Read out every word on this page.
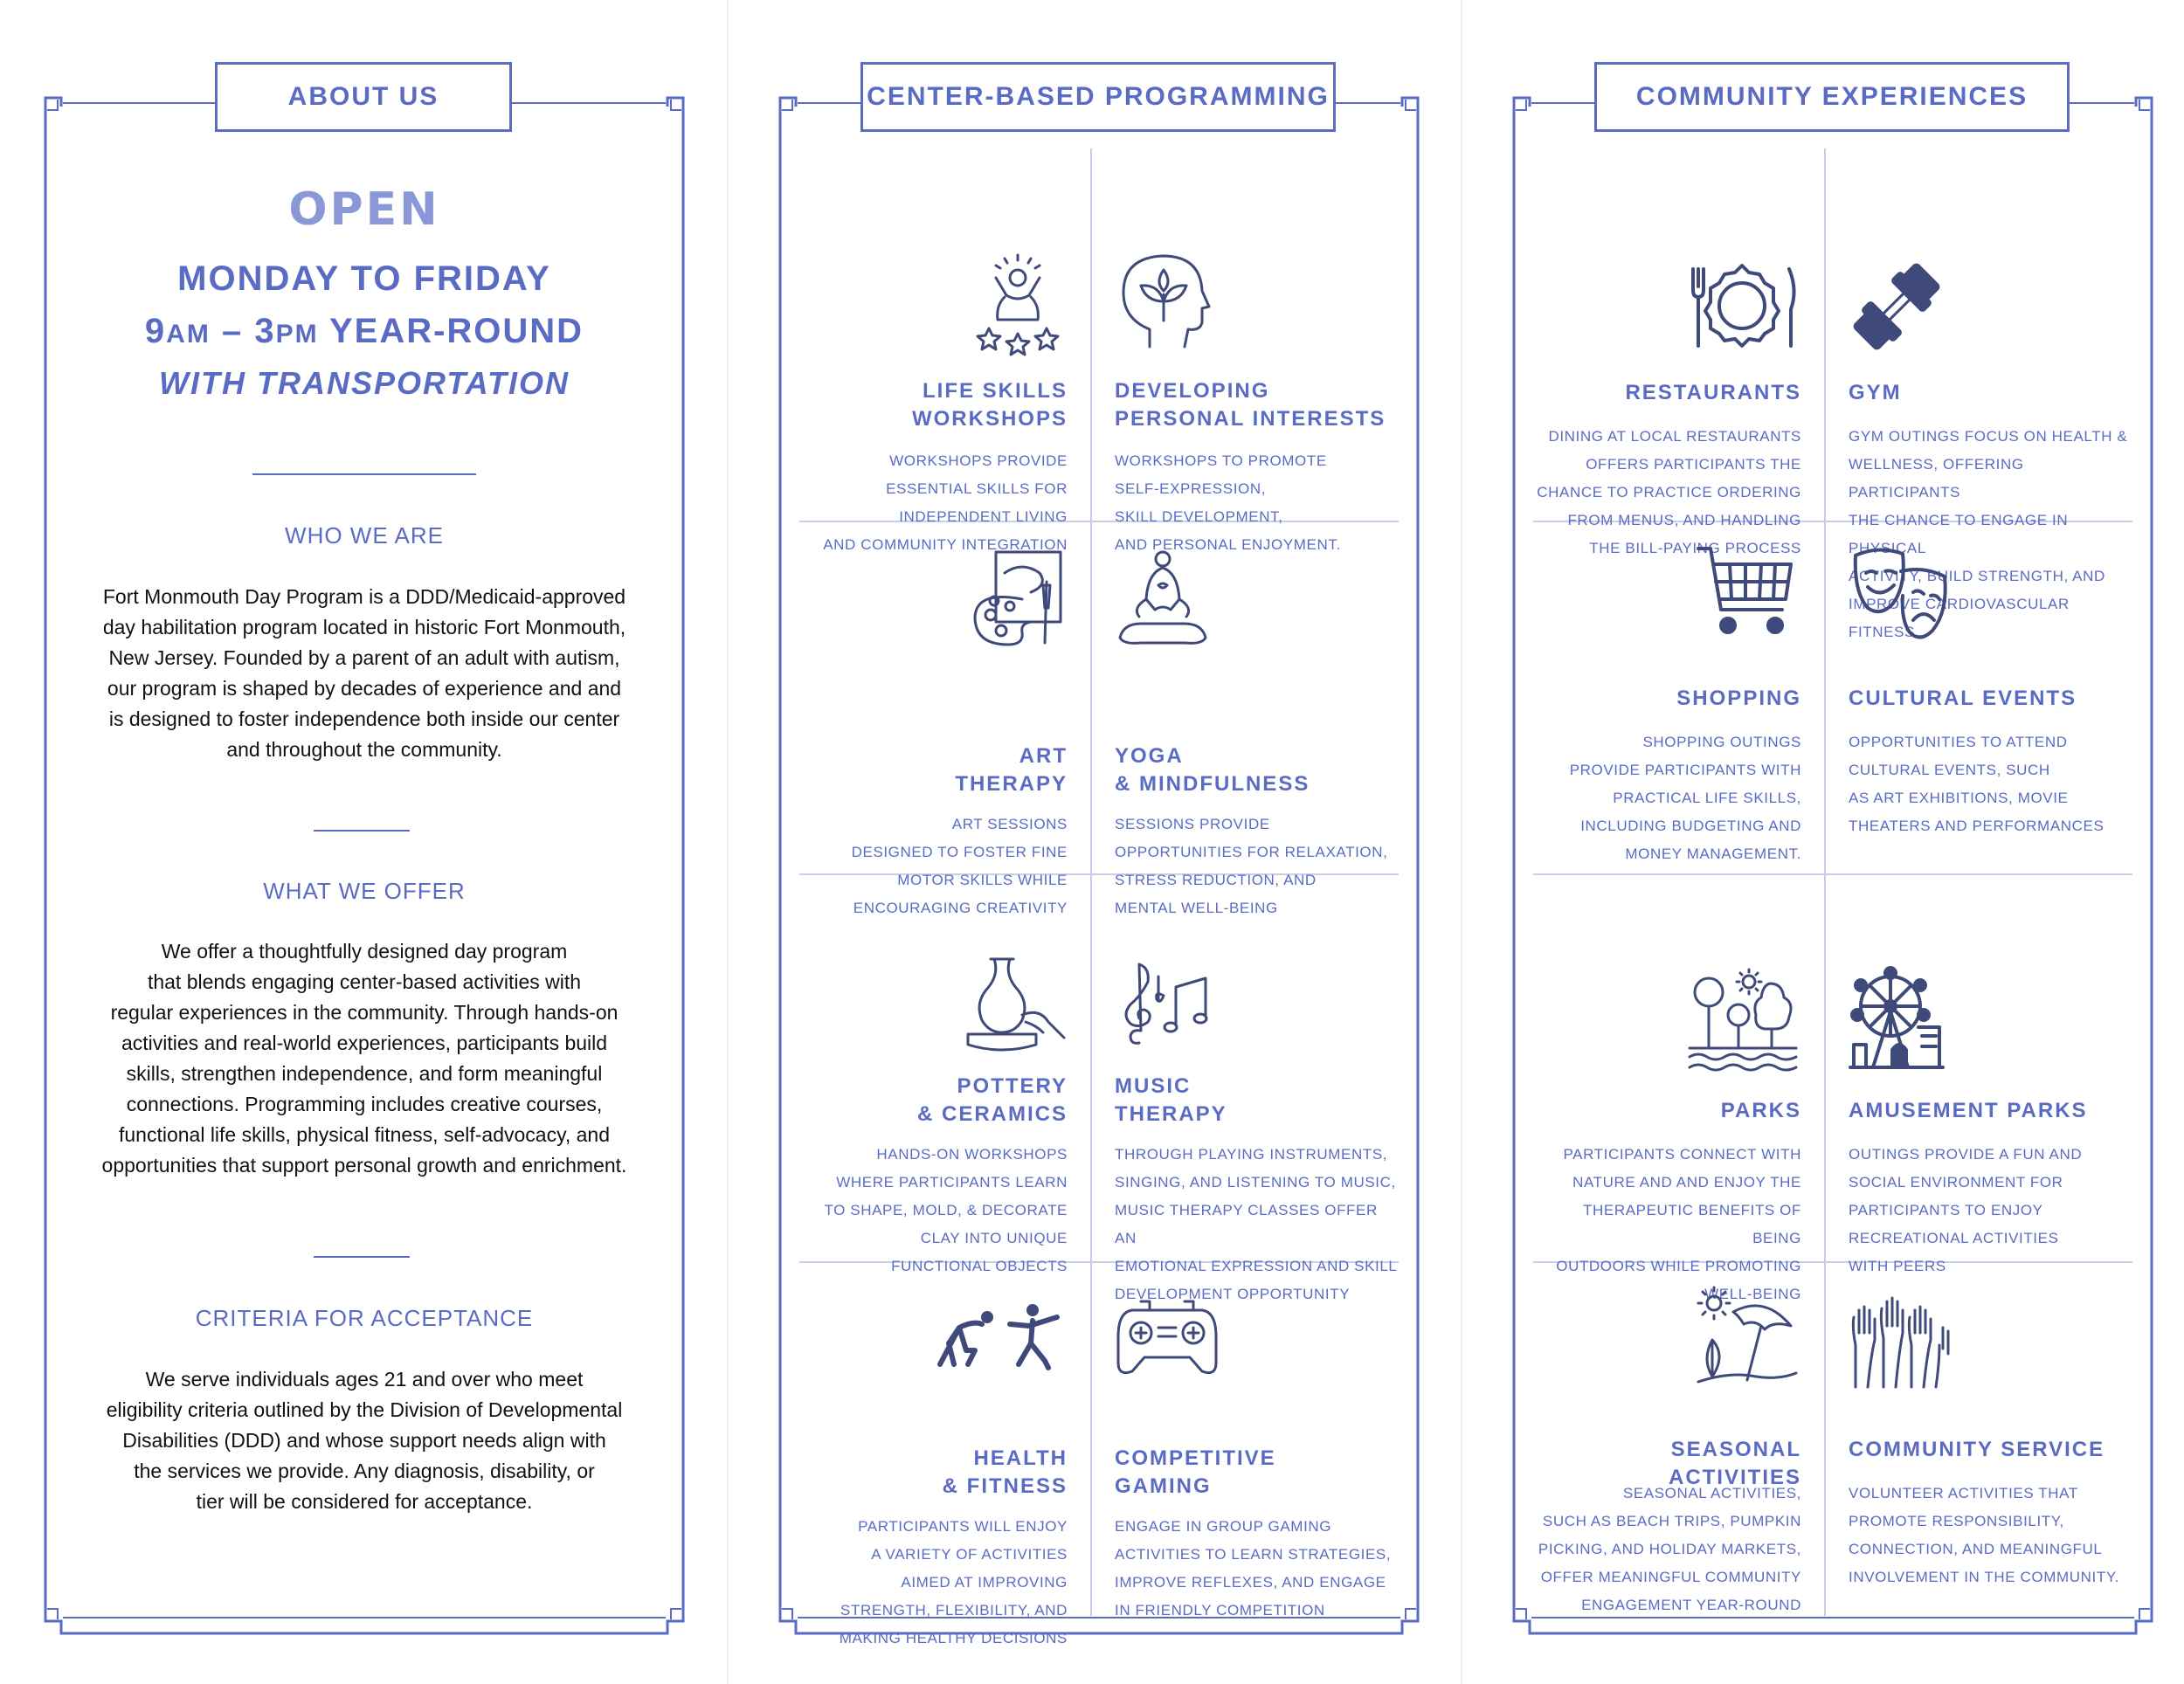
ABOUT US
OPEN
MONDAY TO FRIDAY
9AM – 3PM YEAR-ROUND
WITH TRANSPORTATION
WHO WE ARE
Fort Monmouth Day Program is a DDD/Medicaid-approved
day habilitation program located in historic Fort Monmouth,
New Jersey. Founded by a parent of an adult with autism,
our program is shaped by decades of experience and and
is designed to foster independence both inside our center
and throughout the community.
WHAT WE OFFER
We offer a thoughtfully designed day program
that blends engaging center-based activities with
regular experiences in the community. Through hands-on
activities and real-world experiences, participants build
skills, strengthen independence, and form meaningful
connections. Programming includes creative courses,
functional life skills, physical fitness, self-advocacy, and
opportunities that support personal growth and enrichment.
CRITERIA FOR ACCEPTANCE
We serve individuals ages 21 and over who meet
eligibility criteria outlined by the Division of Developmental
Disabilities (DDD) and whose support needs align with
the services we provide. Any diagnosis, disability, or
tier will be considered for acceptance.
CENTER-BASED PROGRAMMING
LIFE SKILLS
WORKSHOPS
WORKSHOPS PROVIDE
ESSENTIAL SKILLS FOR
INDEPENDENT LIVING
AND COMMUNITY INTEGRATION
DEVELOPING
PERSONAL INTERESTS
WORKSHOPS TO PROMOTE
SELF-EXPRESSION,
SKILL DEVELOPMENT,
AND PERSONAL ENJOYMENT.
ART
THERAPY
ART SESSIONS
DESIGNED TO FOSTER FINE
MOTOR SKILLS WHILE
ENCOURAGING CREATIVITY
YOGA
& MINDFULNESS
SESSIONS PROVIDE
OPPORTUNITIES FOR RELAXATION,
STRESS REDUCTION, AND
MENTAL WELL-BEING
POTTERY
& CERAMICS
HANDS-ON WORKSHOPS
WHERE PARTICIPANTS LEARN
TO SHAPE, MOLD, & DECORATE
CLAY INTO UNIQUE
FUNCTIONAL OBJECTS
MUSIC
THERAPY
THROUGH PLAYING INSTRUMENTS,
SINGING, AND LISTENING TO MUSIC,
MUSIC THERAPY CLASSES OFFER AN
EMOTIONAL EXPRESSION AND SKILL
DEVELOPMENT OPPORTUNITY
HEALTH
& FITNESS
PARTICIPANTS WILL ENJOY
A VARIETY OF ACTIVITIES
AIMED AT IMPROVING
STRENGTH, FLEXIBILITY, AND
MAKING HEALTHY DECISIONS
COMPETITIVE
GAMING
ENGAGE IN GROUP GAMING
ACTIVITIES TO LEARN STRATEGIES,
IMPROVE REFLEXES, AND ENGAGE
IN FRIENDLY COMPETITION
COMMUNITY EXPERIENCES
RESTAURANTS
DINING AT LOCAL RESTAURANTS
OFFERS PARTICIPANTS THE
CHANCE TO PRACTICE ORDERING
FROM MENUS, AND HANDLING
THE BILL-PAYING PROCESS
GYM
GYM OUTINGS FOCUS ON HEALTH &
WELLNESS, OFFERING PARTICIPANTS
THE CHANCE TO ENGAGE IN PHYSICAL
ACTIVITY, BUILD STRENGTH, AND
IMPROVE CARDIOVASCULAR FITNESS
SHOPPING
SHOPPING OUTINGS
PROVIDE PARTICIPANTS WITH
PRACTICAL LIFE SKILLS,
INCLUDING BUDGETING AND
MONEY MANAGEMENT.
CULTURAL EVENTS
OPPORTUNITIES TO ATTEND
CULTURAL EVENTS, SUCH
AS ART EXHIBITIONS, MOVIE
THEATERS AND PERFORMANCES
PARKS
PARTICIPANTS CONNECT WITH
NATURE AND AND ENJOY THE
THERAPEUTIC BENEFITS OF BEING
OUTDOORS WHILE PROMOTING
WELL-BEING
AMUSEMENT PARKS
OUTINGS PROVIDE A FUN AND
SOCIAL ENVIRONMENT FOR
PARTICIPANTS TO ENJOY
RECREATIONAL ACTIVITIES
WITH PEERS
SEASONAL ACTIVITIES
SEASONAL ACTIVITIES,
SUCH AS BEACH TRIPS, PUMPKIN
PICKING, AND HOLIDAY MARKETS,
OFFER MEANINGFUL COMMUNITY
ENGAGEMENT YEAR-ROUND
COMMUNITY SERVICE
VOLUNTEER ACTIVITIES THAT
PROMOTE RESPONSIBILITY,
CONNECTION, AND MEANINGFUL
INVOLVEMENT IN THE COMMUNITY.
